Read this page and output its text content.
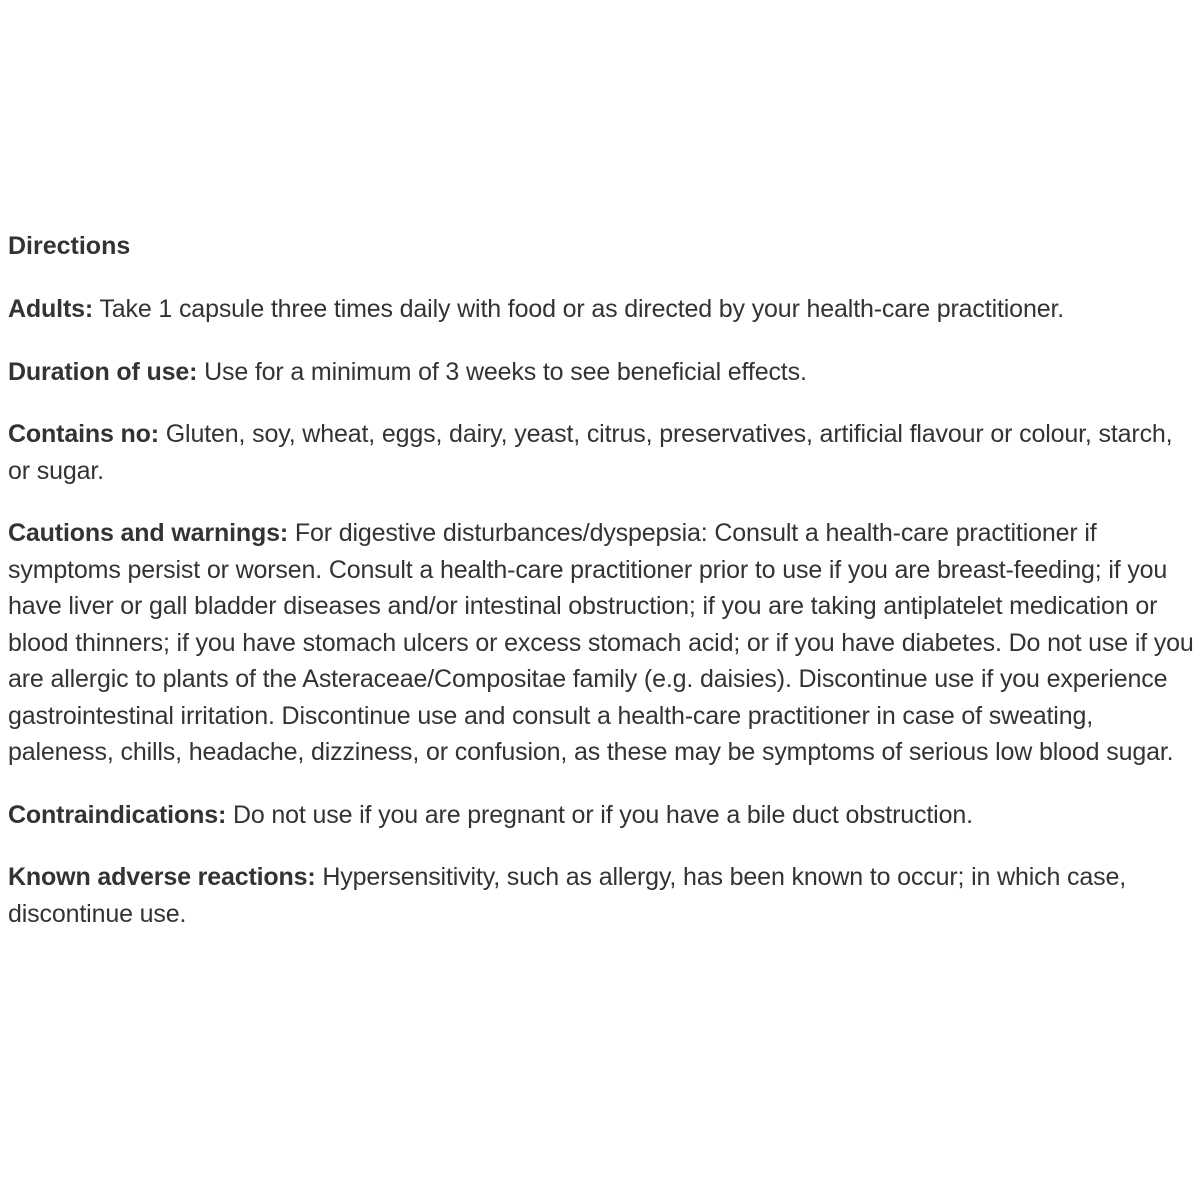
Directions

Adults: Take 1 capsule three times daily with food or as directed by your health-care practitioner.

Duration of use: Use for a minimum of 3 weeks to see beneficial effects.

Contains no: Gluten, soy, wheat, eggs, dairy, yeast, citrus, preservatives, artificial flavour or colour, starch, or sugar.

Cautions and warnings: For digestive disturbances/dyspepsia: Consult a health-care practitioner if symptoms persist or worsen. Consult a health-care practitioner prior to use if you are breast-feeding; if you have liver or gall bladder diseases and/or intestinal obstruction; if you are taking antiplatelet medication or blood thinners; if you have stomach ulcers or excess stomach acid; or if you have diabetes. Do not use if you are allergic to plants of the Asteraceae/Compositae family (e.g. daisies). Discontinue use if you experience gastrointestinal irritation. Discontinue use and consult a health-care practitioner in case of sweating, paleness, chills, headache, dizziness, or confusion, as these may be symptoms of serious low blood sugar.

Contraindications: Do not use if you are pregnant or if you have a bile duct obstruction.

Known adverse reactions: Hypersensitivity, such as allergy, has been known to occur; in which case, discontinue use.
